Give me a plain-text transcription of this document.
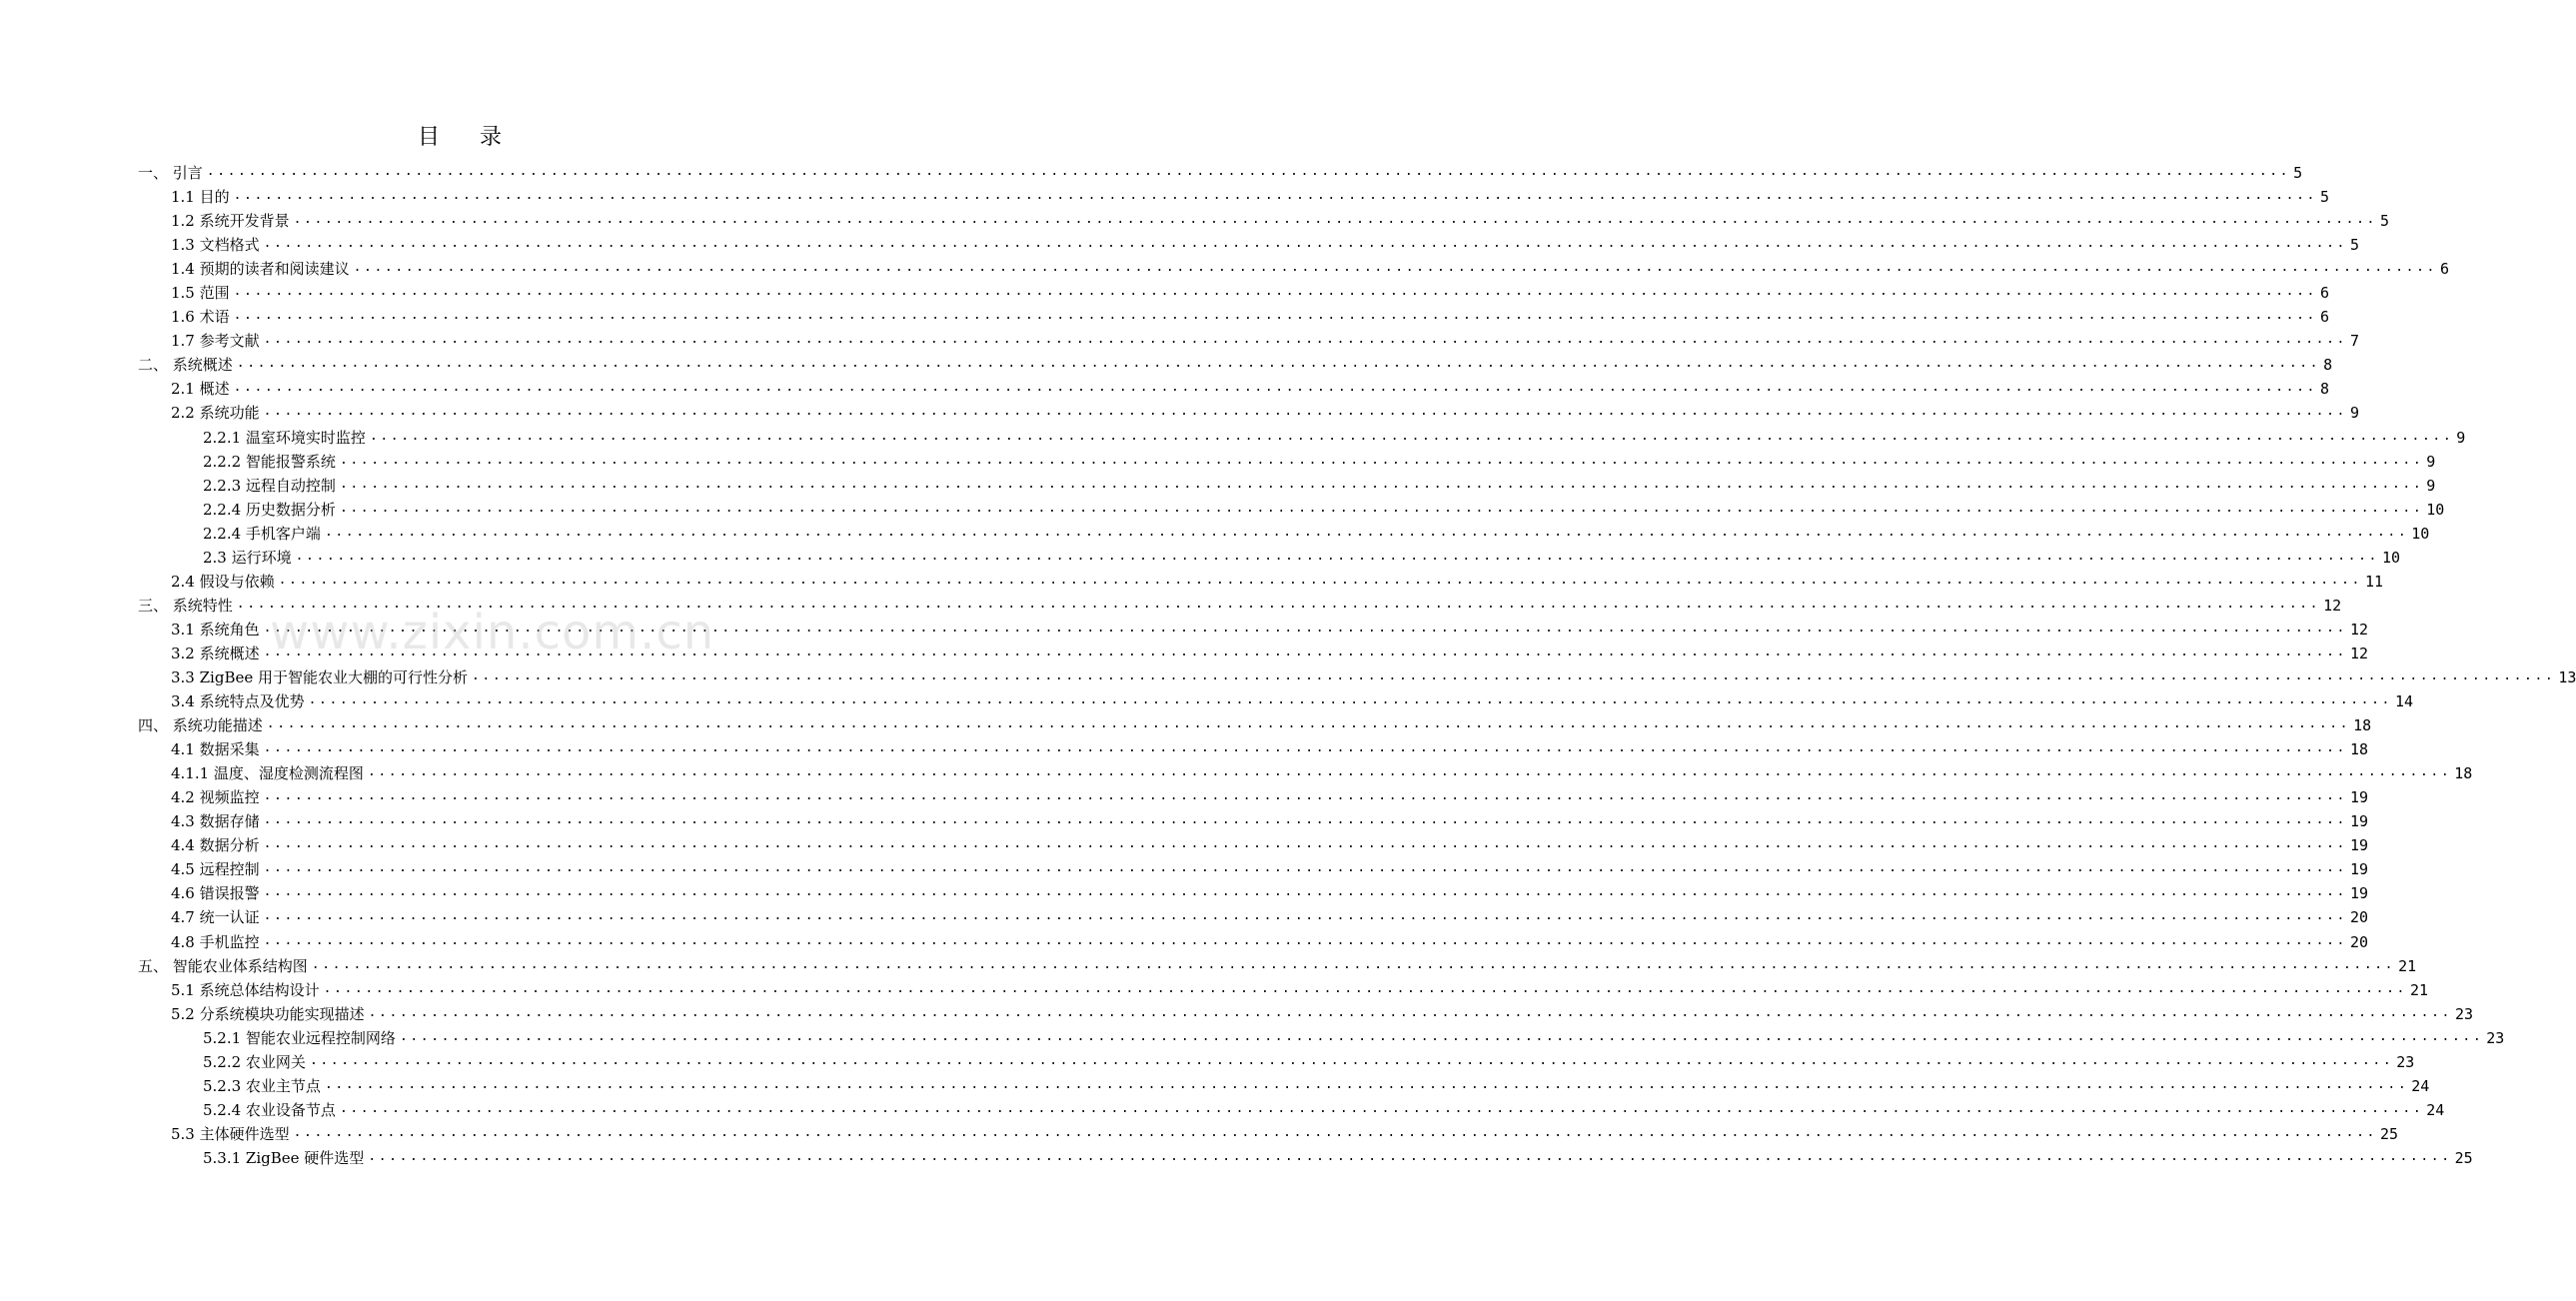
目 录
一、 引言 ........................................................................................................................................................................................................ 5
1.1 目的 ........................................................................................................................................................................................................ 5
1.2 系统开发背景 ........................................................................................................................................................................................................ 5
1.3 文档格式 ........................................................................................................................................................................................................ 5
1.4 预期的读者和阅读建议 ........................................................................................................................................................................................................ 6
1.5 范围 ........................................................................................................................................................................................................ 6
1.6 术语 ........................................................................................................................................................................................................ 6
1.7 参考文献 ........................................................................................................................................................................................................ 7
二、 系统概述 ........................................................................................................................................................................................................ 8
2.1 概述 ........................................................................................................................................................................................................ 8
2.2 系统功能 ........................................................................................................................................................................................................ 9
2.2.1 温室环境实时监控 ........................................................................................................................................................................................................ 9
2.2.2 智能报警系统 ........................................................................................................................................................................................................ 9
2.2.3 远程自动控制 ........................................................................................................................................................................................................ 9
2.2.4 历史数据分析 ........................................................................................................................................................................................................ 10
2.2.4 手机客户端 ........................................................................................................................................................................................................ 10
2.3 运行环境 ........................................................................................................................................................................................................ 10
2.4 假设与依赖 ........................................................................................................................................................................................................ 11
三、 系统特性 ........................................................................................................................................................................................................ 12
3.1 系统角色 ........................................................................................................................................................................................................ 12
3.2 系统概述 ........................................................................................................................................................................................................ 12
3.3 ZigBee 用于智能农业大棚的可行性分析 ........................................................................................................................................................................................................ 13
3.4 系统特点及优势 ........................................................................................................................................................................................................ 14
四、 系统功能描述 ........................................................................................................................................................................................................ 18
4.1 数据采集 ........................................................................................................................................................................................................ 18
4.1.1 温度、湿度检测流程图 ........................................................................................................................................................................................................ 18
4.2 视频监控 ........................................................................................................................................................................................................ 19
4.3 数据存储 ........................................................................................................................................................................................................ 19
4.4 数据分析 ........................................................................................................................................................................................................ 19
4.5 远程控制 ........................................................................................................................................................................................................ 19
4.6 错误报警 ........................................................................................................................................................................................................ 19
4.7 统一认证 ........................................................................................................................................................................................................ 20
4.8 手机监控 ........................................................................................................................................................................................................ 20
五、 智能农业体系结构图 ........................................................................................................................................................................................................ 21
5.1 系统总体结构设计 ........................................................................................................................................................................................................ 21
5.2 分系统模块功能实现描述 ........................................................................................................................................................................................................ 23
5.2.1 智能农业远程控制网络 ........................................................................................................................................................................................................ 23
5.2.2 农业网关 ........................................................................................................................................................................................................ 23
5.2.3 农业主节点 ........................................................................................................................................................................................................ 24
5.2.4 农业设备节点 ........................................................................................................................................................................................................ 24
5.3 主体硬件选型 ........................................................................................................................................................................................................ 25
5.3.1 ZigBee 硬件选型 ........................................................................................................................................................................................................ 25
www.zixin.com.cn
